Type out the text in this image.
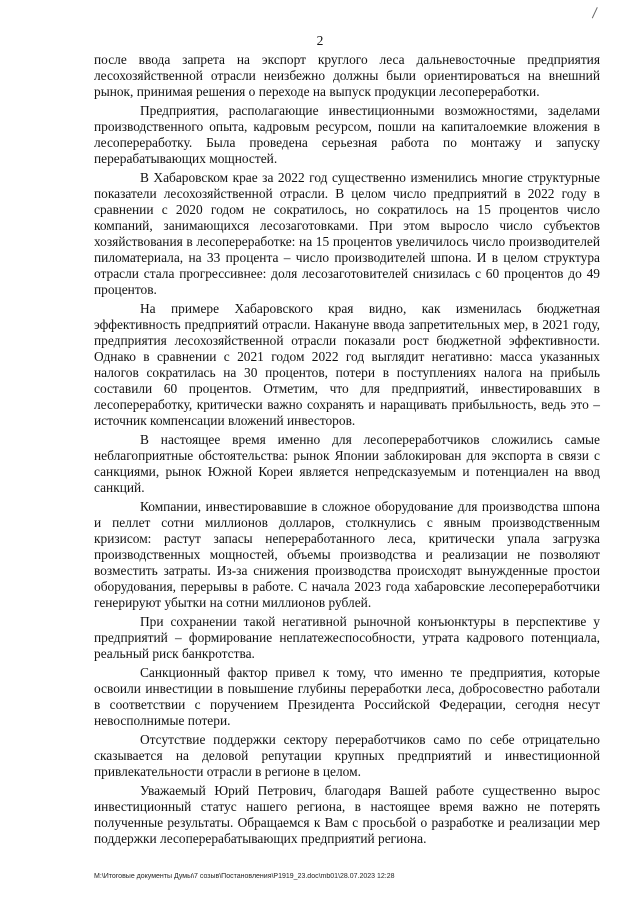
2

после ввода запрета на экспорт круглого леса дальневосточные предприятия лесохозяйственной отрасли неизбежно должны были ориентироваться на внешний рынок, принимая решения о переходе на выпуск продукции лесопереработки.

Предприятия, располагающие инвестиционными возможностями, заделами производственного опыта, кадровым ресурсом, пошли на капиталоемкие вложения в лесопереработку. Была проведена серьезная работа по монтажу и запуску перерабатывающих мощностей.

В Хабаровском крае за 2022 год существенно изменились многие структурные показатели лесохозяйственной отрасли. В целом число предприятий в 2022 году в сравнении с 2020 годом не сократилось, но сократилось на 15 процентов число компаний, занимающихся лесозаготовками. При этом выросло число субъектов хозяйствования в лесопереработке: на 15 процентов увеличилось число производителей пиломатериала, на 33 процента – число производителей шпона. И в целом структура отрасли стала прогрессивнее: доля лесозаготовителей снизилась с 60 процентов до 49 процентов.

На примере Хабаровского края видно, как изменилась бюджетная эффективность предприятий отрасли. Накануне ввода запретительных мер, в 2021 году, предприятия лесохозяйственной отрасли показали рост бюджетной эффективности. Однако в сравнении с 2021 годом 2022 год выглядит негативно: масса указанных налогов сократилась на 30 процентов, потери в поступлениях налога на прибыль составили 60 процентов. Отметим, что для предприятий, инвестировавших в лесопереработку, критически важно сохранять и наращивать прибыльность, ведь это – источник компенсации вложений инвесторов.

В настоящее время именно для лесопереработчиков сложились самые неблагоприятные обстоятельства: рынок Японии заблокирован для экспорта в связи с санкциями, рынок Южной Кореи является непредсказуемым и потенциален на ввод санкций.

Компании, инвестировавшие в сложное оборудование для производства шпона и пеллет сотни миллионов долларов, столкнулись с явным производственным кризисом: растут запасы непереработанного леса, критически упала загрузка производственных мощностей, объемы производства и реализации не позволяют возместить затраты. Из-за снижения производства происходят вынужденные простои оборудования, перерывы в работе. С начала 2023 года хабаровские лесопереработчики генерируют убытки на сотни миллионов рублей.

При сохранении такой негативной рыночной конъюнктуры в перспективе у предприятий – формирование неплатежеспособности, утрата кадрового потенциала, реальный риск банкротства.

Санкционный фактор привел к тому, что именно те предприятия, которые освоили инвестиции в повышение глубины переработки леса, добросовестно работали в соответствии с поручением Президента Российской Федерации, сегодня несут невосполнимые потери.

Отсутствие поддержки сектору переработчиков само по себе отрицательно сказывается на деловой репутации крупных предприятий и инвестиционной привлекательности отрасли в регионе в целом.

Уважаемый Юрий Петрович, благодаря Вашей работе существенно вырос инвестиционный статус нашего региона, в настоящее время важно не потерять полученные результаты. Обращаемся к Вам с просьбой о разработке и реализации мер поддержки лесоперерабатывающих предприятий региона.

М:\Итоговые документы Думы\7 созыв\Постановления\Р1919_23.doc\mb01\28.07.2023 12:28
